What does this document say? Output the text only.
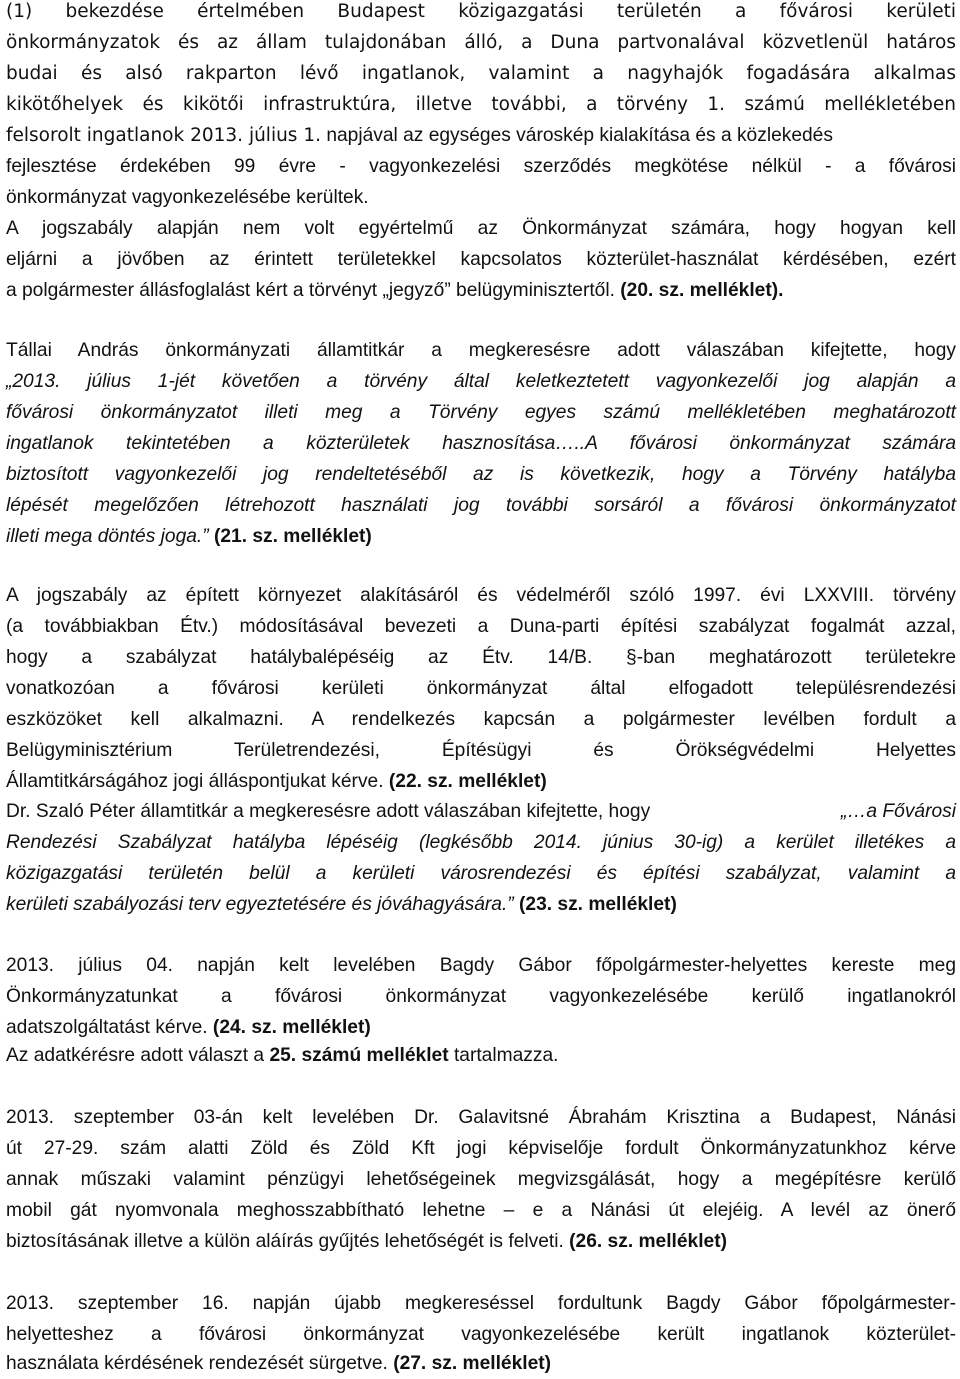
(1) bekezdése értelmében Budapest közigazgatási területén a fővárosi kerületi
önkormányzatok és az állam tulajdonában álló, a Duna partvonalával közvetlenül határos
budai és alsó rakparton lévő ingatlanok, valamint a nagyhajók fogadására alkalmas
kikötőhelyek és kikötői infrastruktúra, illetve további, a törvény 1. számú mellékletében
felsorolt ingatlanok 2013. július 1. napjával az egységes városkép kialakítása és a közlekedés
fejlesztése érdekében 99 évre - vagyonkezelési szerződés megkötése nélkül - a fővárosi
önkormányzat vagyonkezelésébe kerültek.
A jogszabály alapján nem volt egyértelmű az Önkormányzat számára, hogy hogyan kell
eljárni a jövőben az érintett területekkel kapcsolatos közterület-használat kérdésében, ezért
a polgármester állásfoglalást kért a törvényt „jegyző” belügyminisztertől. (20. sz. melléklet).
Tállai András önkormányzati államtitkár a megkeresésre adott válaszában kifejtette, hogy
„2013. július 1-jét követően a törvény által keletkeztetett vagyonkezelői jog alapján a
fővárosi önkormányzatot illeti meg a Törvény egyes számú mellékletében meghatározott
ingatlanok tekintetében a közterületek hasznosítása…..A fővárosi önkormányzat számára
biztosított vagyonkezelői jog rendeltetéséből az is következik, hogy a Törvény hatályba
lépését megelőzően létrehozott használati jog további sorsáról a fővárosi önkormányzatot
illeti mega döntés joga.” (21. sz. melléklet)
A jogszabály az épített környezet alakításáról és védelméről szóló 1997. évi LXXVIII. törvény
(a továbbiakban Étv.) módosításával bevezeti a Duna-parti építési szabályzat fogalmát azzal,
hogy a szabályzat hatálybalépéséig az Étv. 14/B. §-ban meghatározott területekre
vonatkozóan a fővárosi kerületi önkormányzat által elfogadott településrendezési
eszközöket kell alkalmazni. A rendelkezés kapcsán a polgármester levélben fordult a
Belügyminisztérium Területrendezési, Építésügyi és Örökségvédelmi Helyettes
Államtitkárságához jogi álláspontjukat kérve. (22. sz. melléklet)
Dr. Szaló Péter államtitkár a megkeresésre adott válaszában kifejtette, hogy	„…a Fővárosi
Rendezési Szabályzat hatályba lépéséig (legkésőbb 2014. június 30-ig) a kerület illetékes a
közigazgatási területén belül a kerületi városrendezési és építési szabályzat, valamint a
kerületi szabályozási terv egyeztetésére és jóváhagyására.” (23. sz. melléklet)
2013. július 04. napján kelt levelében Bagdy Gábor főpolgármester-helyettes kereste meg
Önkormányzatunkat a fővárosi önkormányzat vagyonkezelésébe kerülő ingatlanokról
adatszolgáltatást kérve. (24. sz. melléklet)
Az adatkérésre adott választ a 25. számú melléklet tartalmazza.
2013. szeptember 03-án kelt levelében Dr. Galavitsné Ábrahám Krisztina a Budapest, Nánási
út 27-29. szám alatti Zöld és Zöld Kft jogi képviselője fordult Önkormányzatunkhoz kérve
annak műszaki valamint pénzügyi lehetőségeinek megvizsgálását, hogy a megépítésre kerülő
mobil gát nyomvonala meghosszabbítható lehetne – e a Nánási út elejéig. A levél az önerő
biztosításának illetve a külön aláírás gyűjtés lehetőségét is felveti. (26. sz. melléklet)
2013. szeptember 16. napján újabb megkereséssel fordultunk Bagdy Gábor főpolgármester-
helyetteshez a fővárosi önkormányzat vagyonkezelésébe került ingatlanok közterület-
használata kérdésének rendezését sürgetve. (27. sz. melléklet)
